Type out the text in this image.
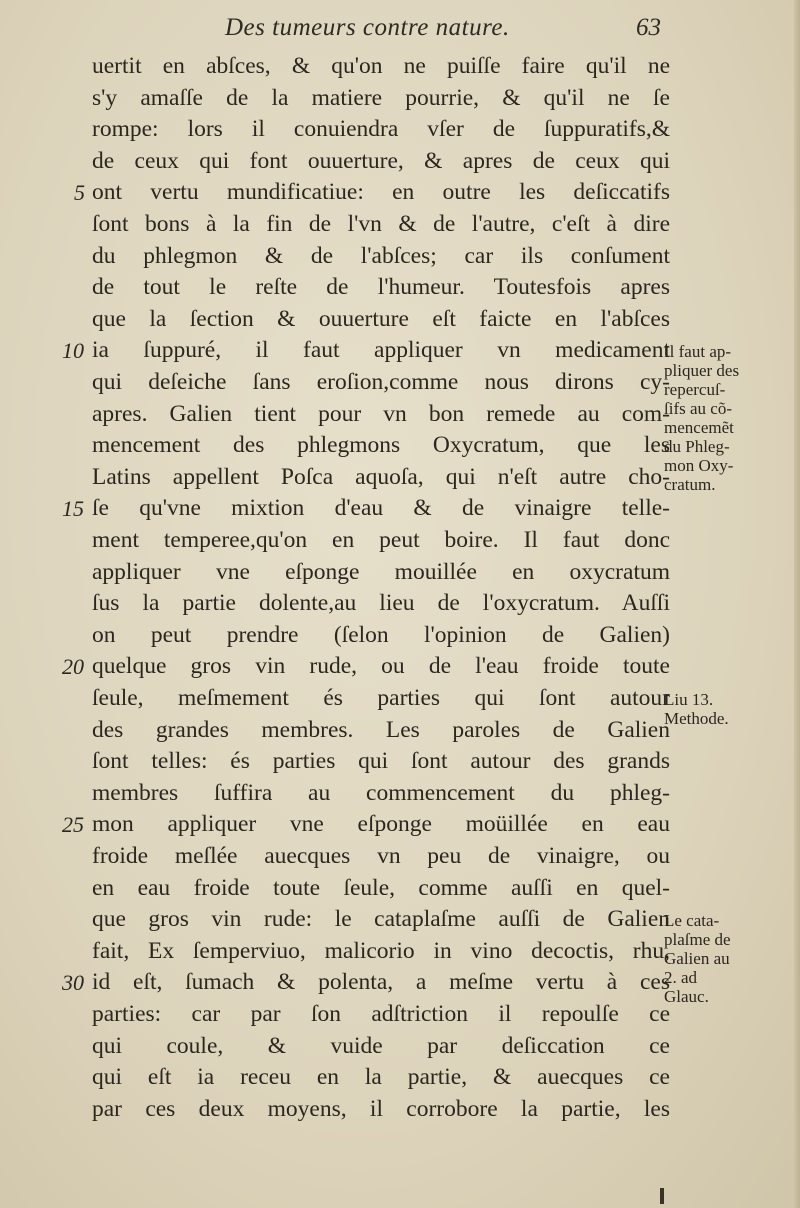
Des tumeurs contre nature.	63
uertit en abſces, & qu'on ne puiſſe faire qu'il ne
s'y amaſſe de la matiere pourrie, & qu'il ne ſe
rompe: lors il conuiendra vſer de ſuppuratifs,&
de ceux qui font ouuerture, & apres de ceux qui
ont vertu mundificatiue: en outre les deſiccatifs
ſont bons à la fin de l'vn & de l'autre, c'eſt à dire
du phlegmon & de l'abſces; car ils conſument
de tout le reſte de l'humeur. Toutesfois apres
que la ſection & ouuerture eſt faicte en l'abſces
ia ſuppuré, il faut appliquer vn medicament
qui deſeiche ſans eroſion,comme nous dirons cy-
apres. Galien tient pour vn bon remede au com-
mencement des phlegmons Oxycratum, que les
Latins appellent Poſca aquoſa, qui n'eſt autre cho-
ſe qu'vne mixtion d'eau & de vinaigre telle-
ment temperee,qu'on en peut boire. Il faut donc
appliquer vne eſponge mouillée en oxycratum
ſus la partie dolente,au lieu de l'oxycratum. Auſſi
on peut prendre (ſelon l'opinion de Galien)
quelque gros vin rude, ou de l'eau froide toute
ſeule, meſmement és parties qui ſont autour
des grandes membres. Les paroles de Galien
ſont telles: és parties qui ſont autour des grands
membres ſuffira au commencement du phleg-
mon appliquer vne eſponge moüillée en eau
froide meſlée auecques vn peu de vinaigre, ou
en eau froide toute ſeule, comme auſſi en quel-
que gros vin rude: le cataplaſme auſſi de Galien
fait, Ex ſemperviuo, malicorio in vino decoctis, rhu,
id eſt, ſumach & polenta, a meſme vertu à ces
parties: car par ſon adſtriction il repoulſe ce
qui coule, & vuide par deſiccation ce
qui eſt ia receu en la partie, & auecques ce
par ces deux moyens, il corrobore la partie, les
5
10
15
20
25
30
Il faut ap-
pliquer des
repercuſ-
ſifs au cõ-
mencemẽt
du Phleg-
mon Oxy-
cratum.
Liu 13.
Methode.
Le cata-
plaſme de
Galien au
2. ad
Glauc.
